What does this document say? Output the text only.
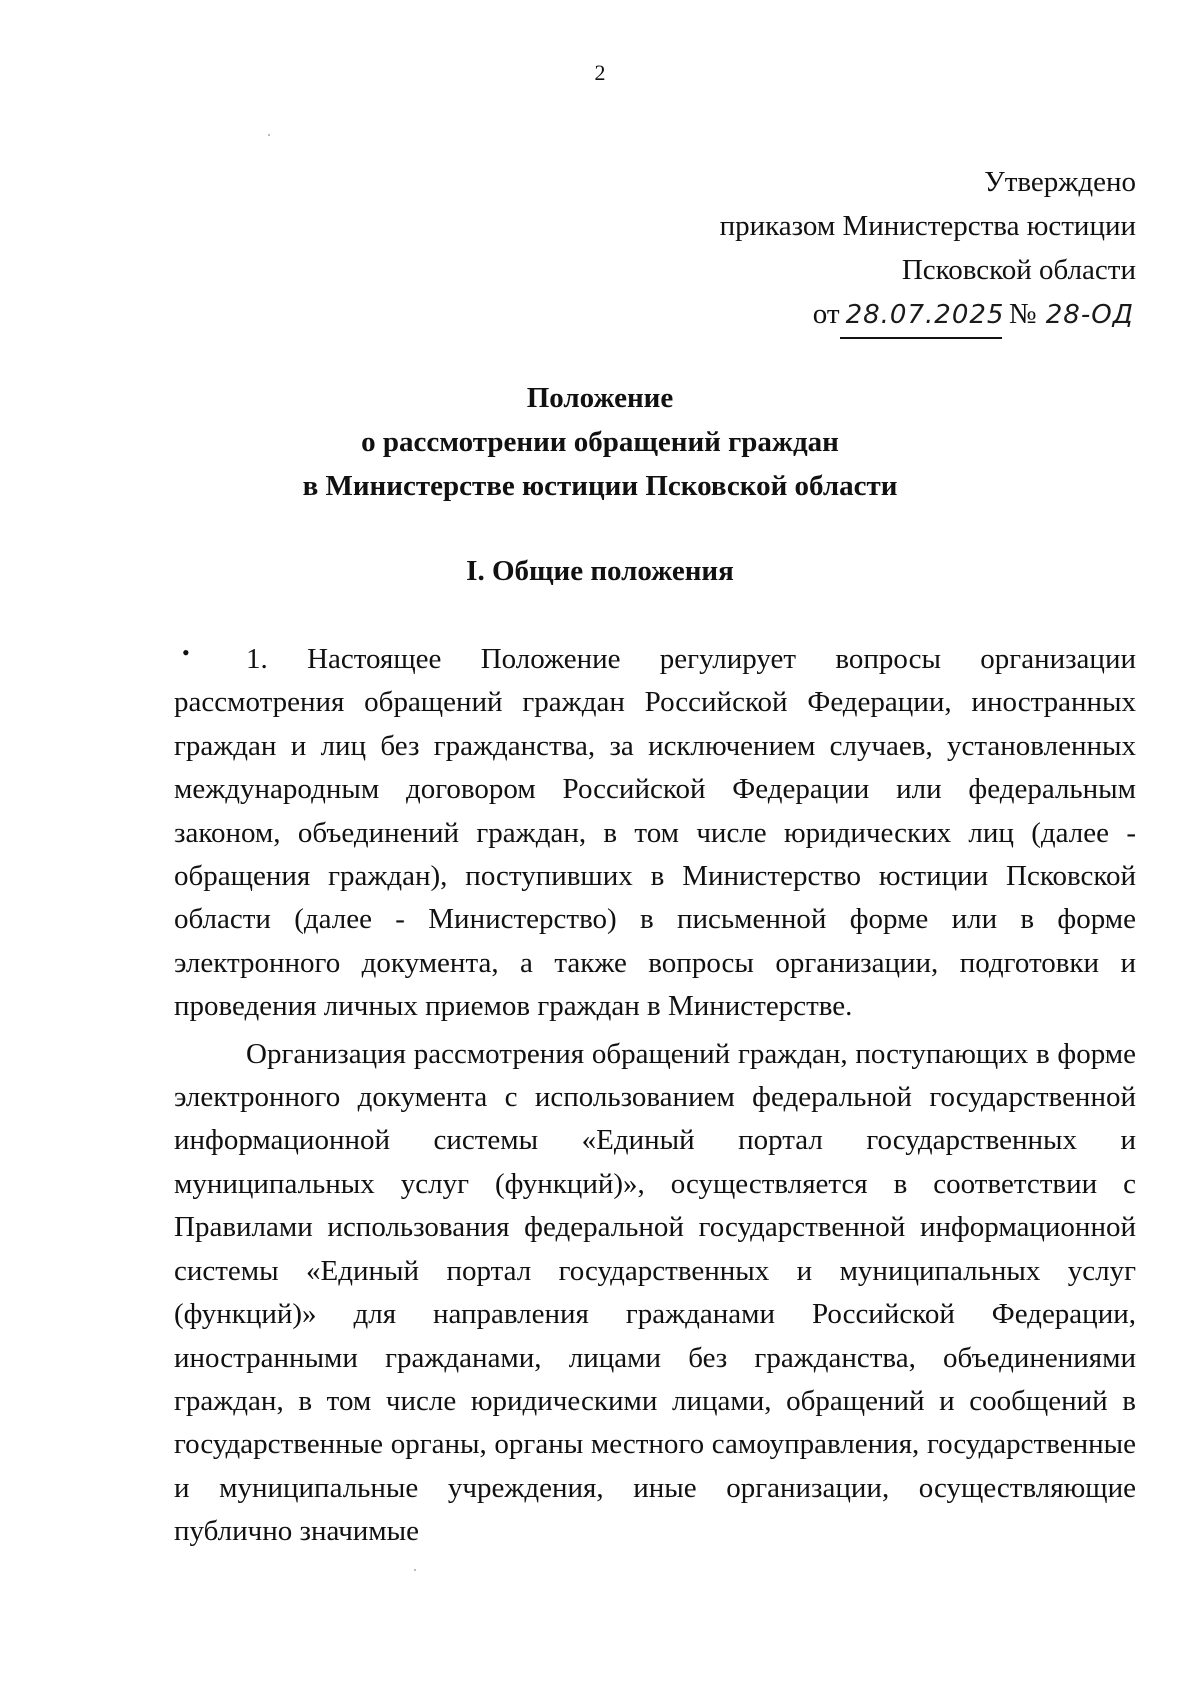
2
Утверждено
приказом Министерства юстиции
Псковской области
от 28.07.2025 № 28-ОД
Положение
о рассмотрении обращений граждан
в Министерстве юстиции Псковской области
I. Общие положения
•	1. Настоящее Положение регулирует вопросы организации рассмотрения обращений граждан Российской Федерации, иностранных граждан и лиц без гражданства, за исключением случаев, установленных международным договором Российской Федерации или федеральным законом, объединений граждан, в том числе юридических лиц (далее - обращения граждан), поступивших в Министерство юстиции Псковской области (далее - Министерство) в письменной форме или в форме электронного документа, а также вопросы организации, подготовки и проведения личных приемов граждан в Министерстве.

Организация рассмотрения обращений граждан, поступающих в форме электронного документа с использованием федеральной государственной информационной системы «Единый портал государственных и муниципальных услуг (функций)», осуществляется в соответствии с Правилами использования федеральной государственной информационной системы «Единый портал государственных и муниципальных услуг (функций)» для направления гражданами Российской Федерации, иностранными гражданами, лицами без гражданства, объединениями граждан, в том числе юридическими лицами, обращений и сообщений в государственные органы, органы местного самоуправления, государственные и муниципальные учреждения, иные организации, осуществляющие публично значимые
